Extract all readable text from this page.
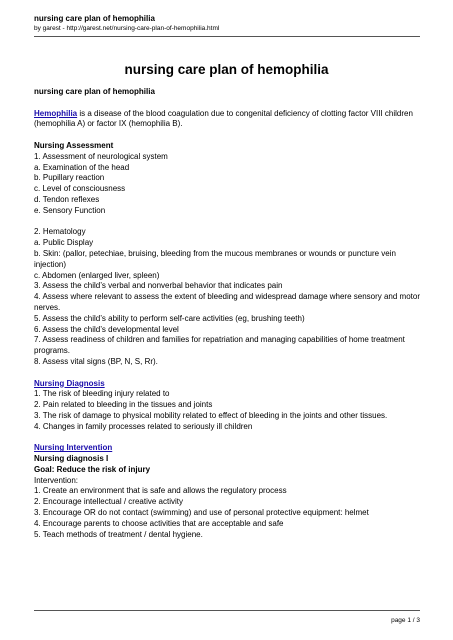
nursing care plan of hemophilia
by garest - http://garest.net/nursing-care-plan-of-hemophilia.html
nursing care plan of hemophilia

nursing care plan of hemophilia

Hemophilia is a disease of the blood coagulation due to congenital deficiency of clotting factor VIII children (hemophilia A) or factor IX (hemophilia B).

Nursing Assessment

1. Assessment of neurological system

a. Examination of the head

b. Pupillary reaction

c. Level of consciousness

d. Tendon reflexes

e. Sensory Function

2. Hematology

a. Public Display

b. Skin: (pallor, petechiae, bruising, bleeding from the mucous membranes or wounds or puncture vein injection)

c. Abdomen (enlarged liver, spleen)

3. Assess the child’s verbal and nonverbal behavior that indicates pain

4. Assess where relevant to assess the extent of bleeding and widespread damage where sensory and motor nerves.

5. Assess the child’s ability to perform self-care activities (eg, brushing teeth)

6. Assess the child’s developmental level

7. Assess readiness of children and families for repatriation and managing capabilities of home treatment programs.

8. Assess vital signs (BP, N, S, Rr).

Nursing Diagnosis

1. The risk of bleeding injury related to

2. Pain related to bleeding in the tissues and joints

3. The risk of damage to physical mobility related to effect of bleeding in the joints and other tissues.

4. Changes in family processes related to seriously ill children

Nursing Intervention

Nursing diagnosis I

Goal: Reduce the risk of injury

Intervention:

1. Create an environment that is safe and allows the regulatory process

2. Encourage intellectual / creative activity

3. Encourage OR do not contact (swimming) and use of personal protective equipment: helmet

4. Encourage parents to choose activities that are acceptable and safe

5. Teach methods of treatment / dental hygiene.

page 1 / 3
